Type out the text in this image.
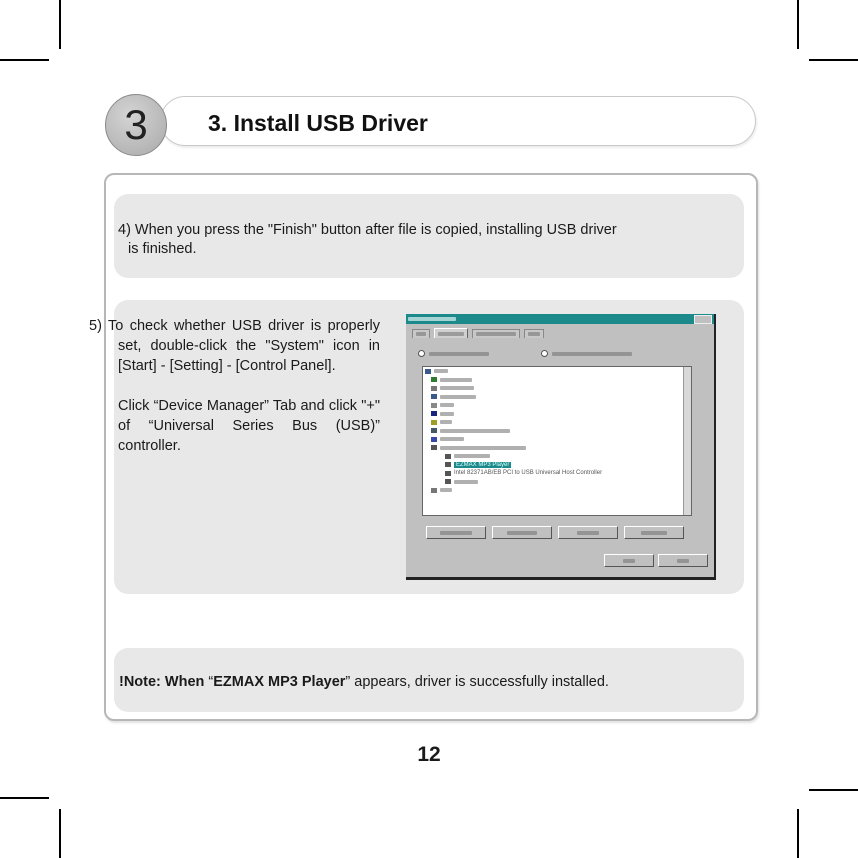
3	3. Install USB Driver
4) When you press the "Finish" button after file is copied, installing USB driver
is finished.

5) To check whether USB driver is properly set, double-click the "System" icon in [Start] - [Setting] - [Control Panel].

Click “Device Manager” Tab and click "+" of “Universal Series Bus (USB)” controller.

EZMAX MP3 Player
Intel 82371AB/EB PCI to USB Universal Host Controller
!Note: When “EZMAX MP3 Player” appears, driver is successfully installed.
12
